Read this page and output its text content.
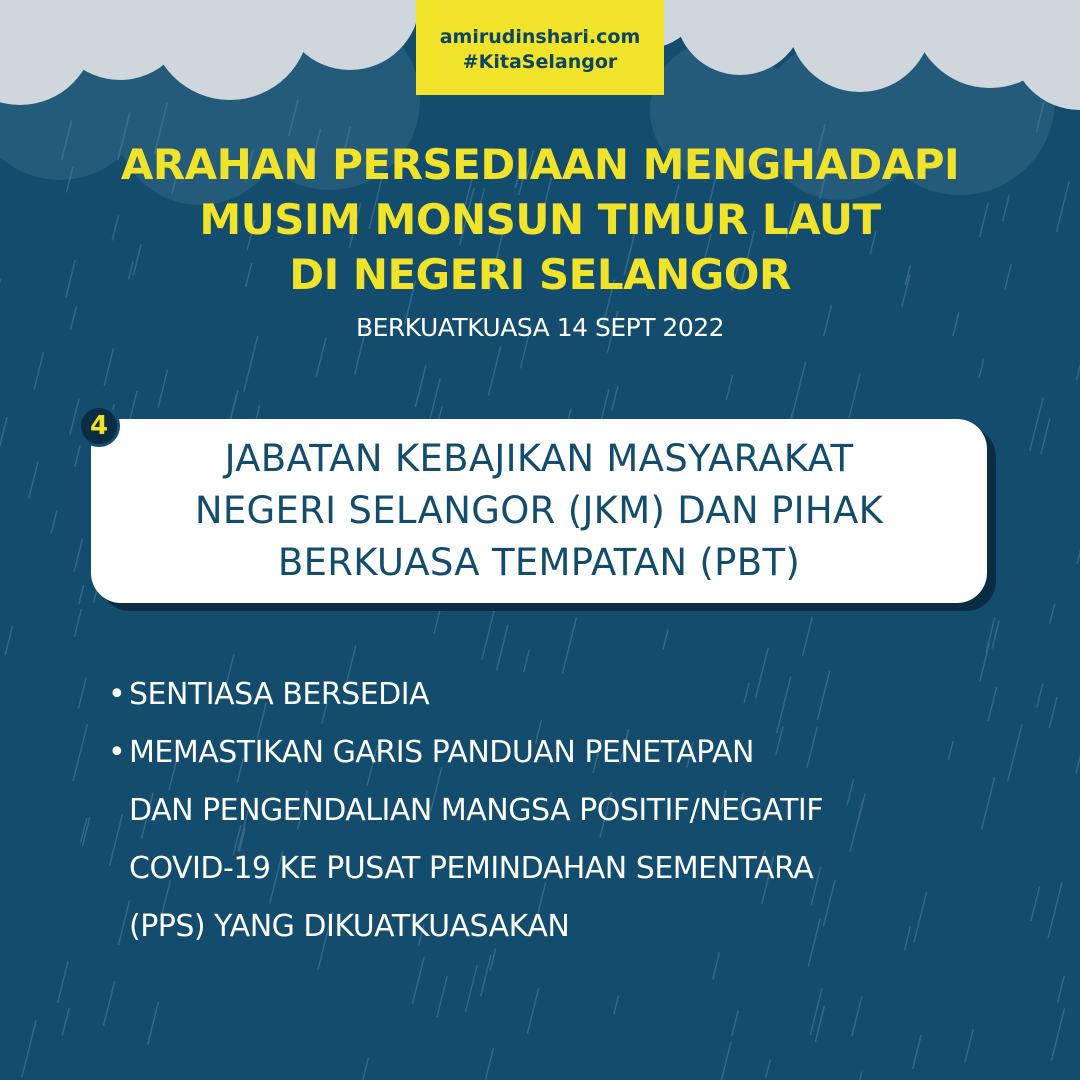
amirudinshari.com
#KitaSelangor
ARAHAN PERSEDIAAN MENGHADAPI
MUSIM MONSUN TIMUR LAUT
DI NEGERI SELANGOR
BERKUATKUASA 14 SEPT 2022
JABATAN KEBAJIKAN MASYARAKAT
NEGERI SELANGOR (JKM) DAN PIHAK
BERKUASA TEMPATAN (PBT)
4
• SENTIASA BERSEDIA
• MEMASTIKAN GARIS PANDUAN PENETAPAN
DAN PENGENDALIAN MANGSA POSITIF/NEGATIF
COVID-19 KE PUSAT PEMINDAHAN SEMENTARA
(PPS) YANG DIKUATKUASAKAN
